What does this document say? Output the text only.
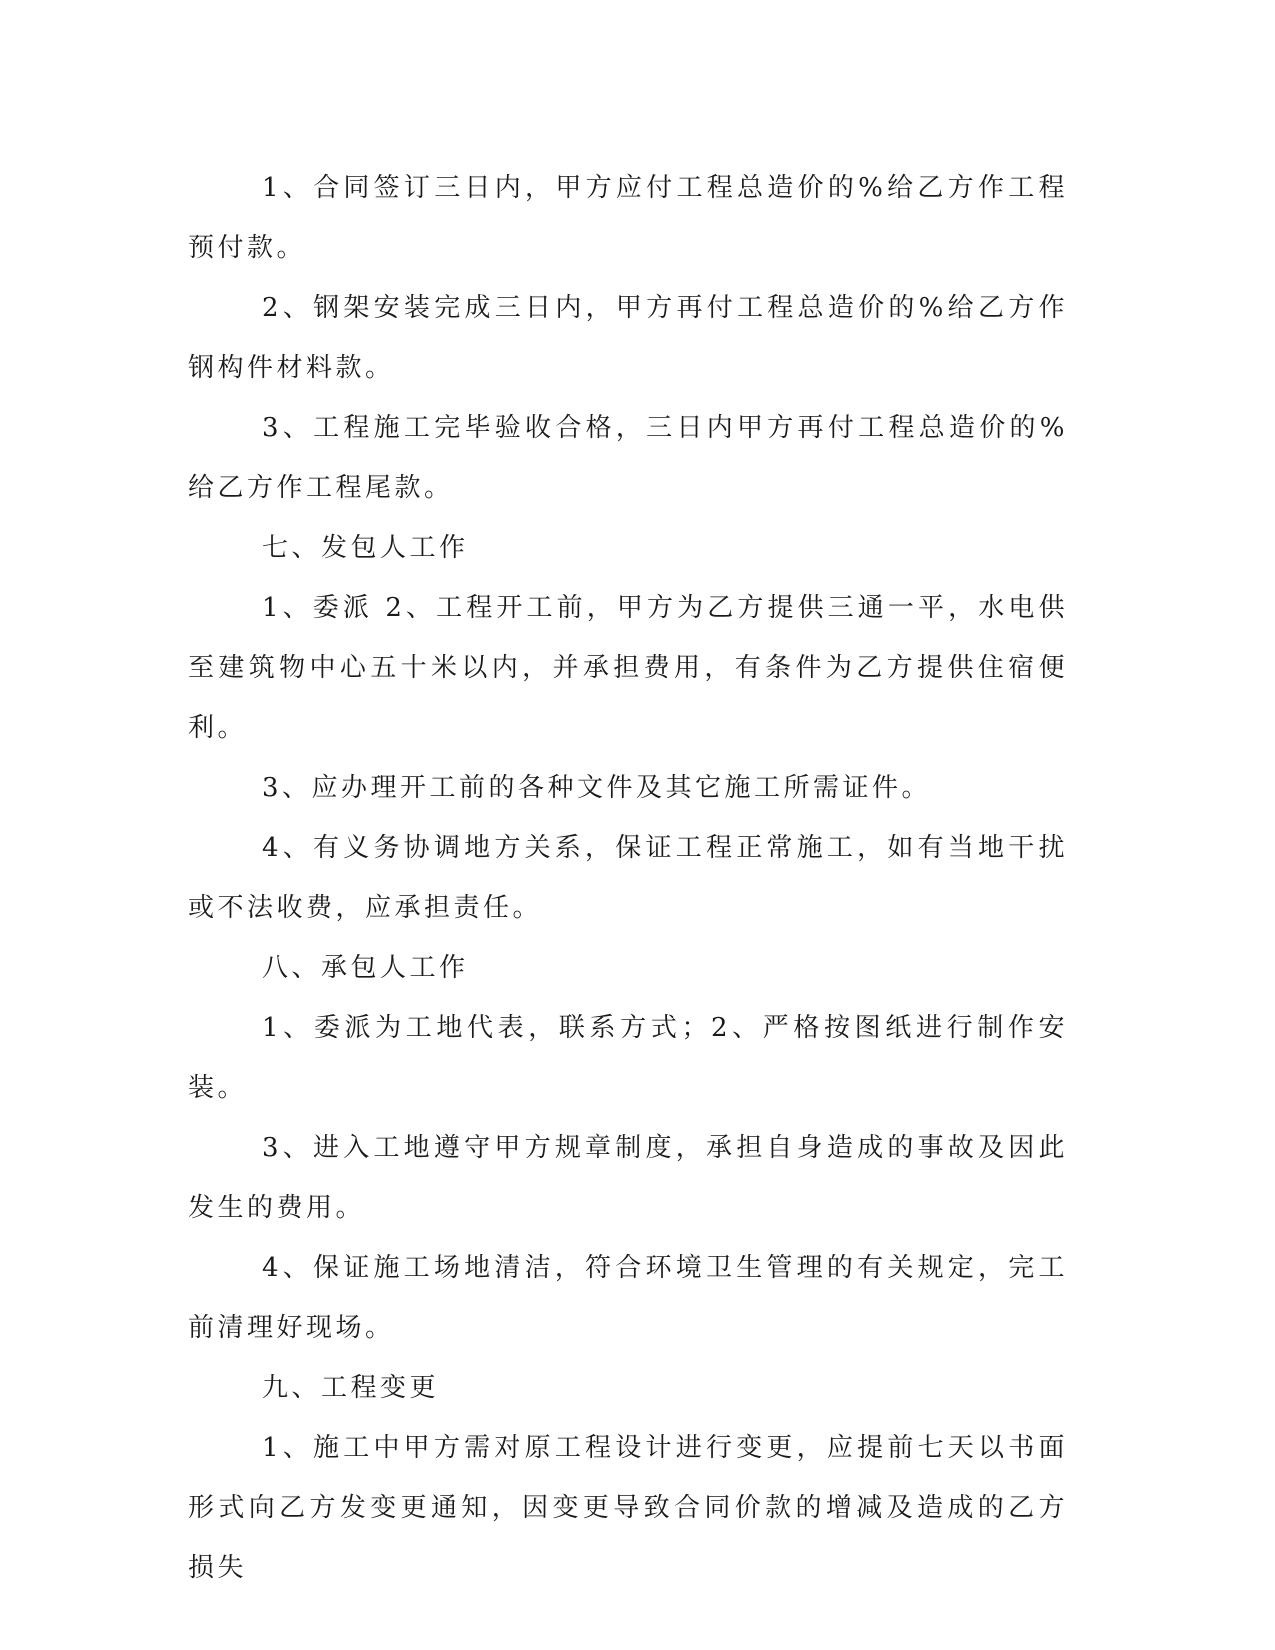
1、合同签订三日内，甲方应付工程总造价的%给乙方作工程预付款。

2、钢架安装完成三日内，甲方再付工程总造价的%给乙方作钢构件材料款。

3、工程施工完毕验收合格，三日内甲方再付工程总造价的%给乙方作工程尾款。

七、发包人工作

1、委派 2、工程开工前，甲方为乙方提供三通一平，水电供至建筑物中心五十米以内，并承担费用，有条件为乙方提供住宿便利。

3、应办理开工前的各种文件及其它施工所需证件。

4、有义务协调地方关系，保证工程正常施工，如有当地干扰或不法收费，应承担责任。

八、承包人工作

1、委派为工地代表，联系方式；2、严格按图纸进行制作安装。

3、进入工地遵守甲方规章制度，承担自身造成的事故及因此发生的费用。

4、保证施工场地清洁，符合环境卫生管理的有关规定，完工前清理好现场。

九、工程变更

1、施工中甲方需对原工程设计进行变更，应提前七天以书面形式向乙方发变更通知，因变更导致合同价款的增减及造成的乙方损失
